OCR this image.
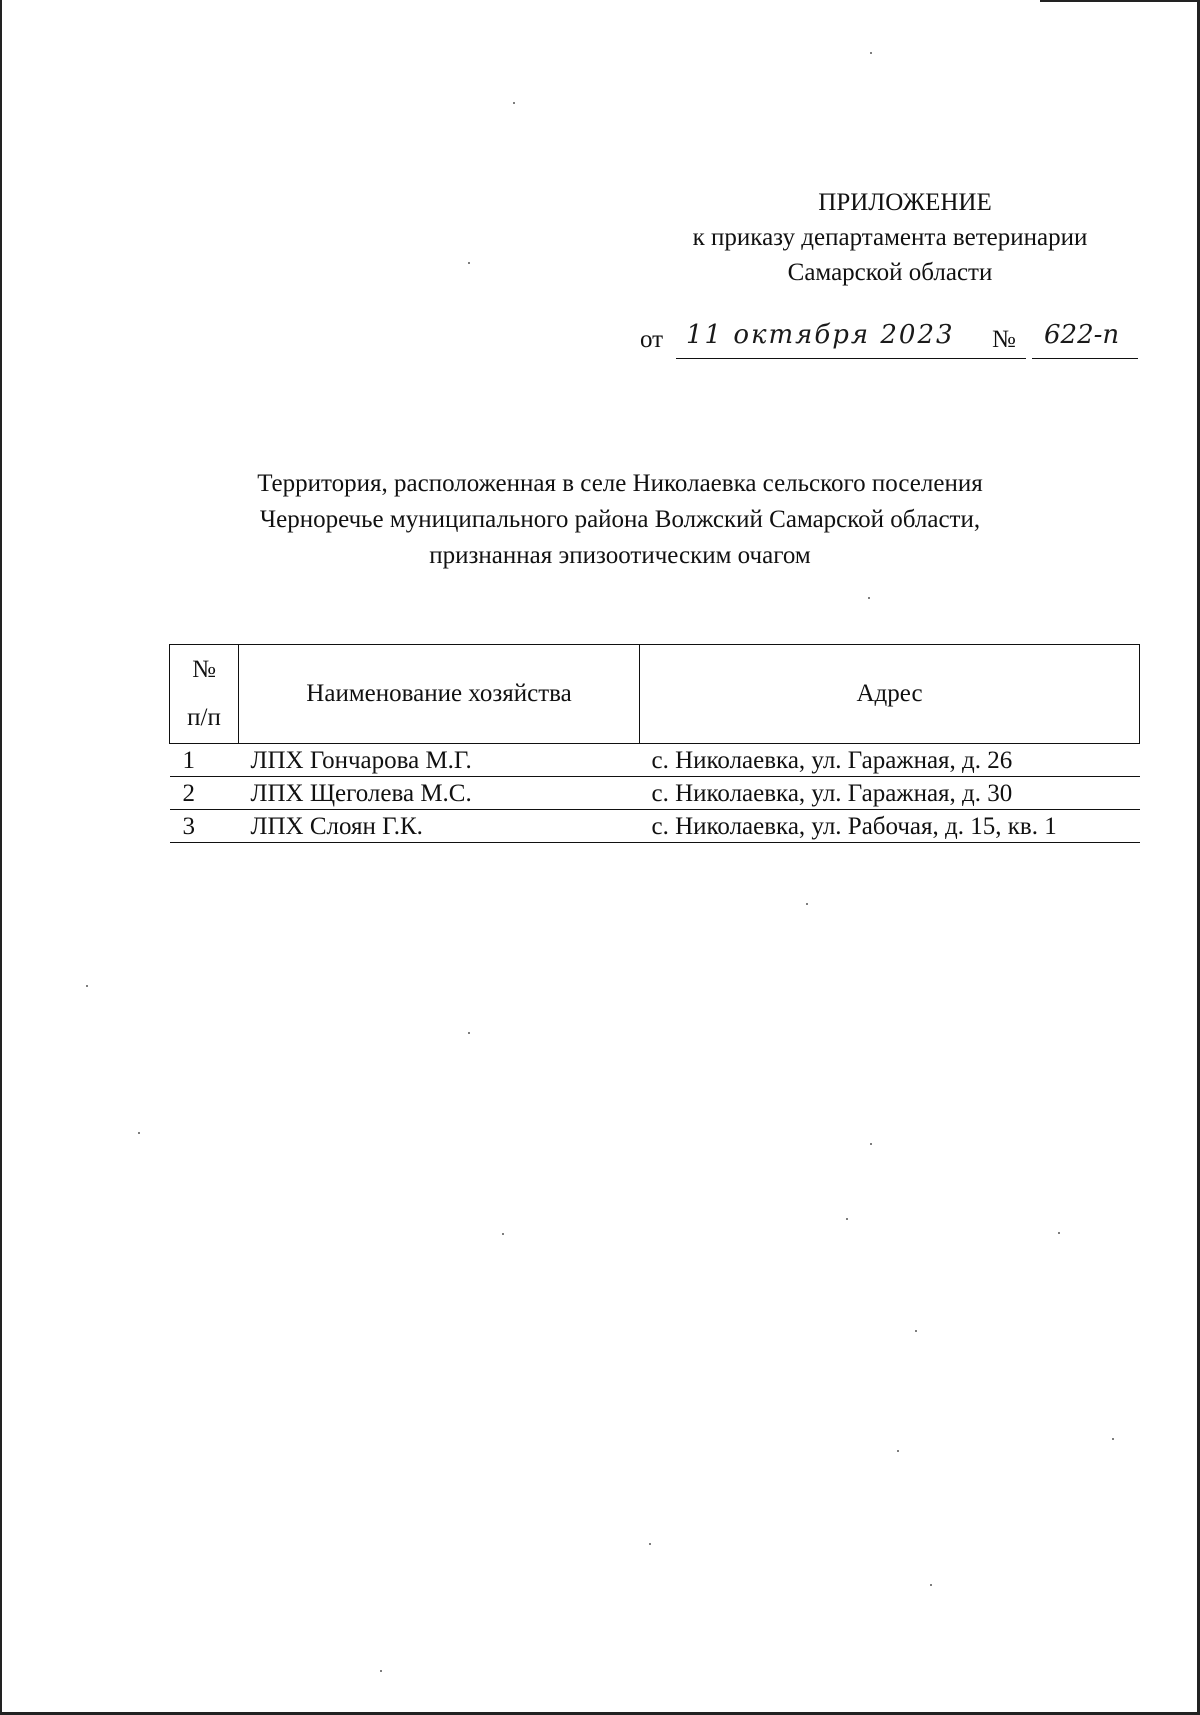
ПРИЛОЖЕНИЕ
к приказу департамента ветеринарии
Самарской области
от 11 октября 2023 № 622-п
Территория, расположенная в селе Николаевка сельского поселения
Черноречье муниципального района Волжский Самарской области,
признанная эпизоотическим очагом
№
п/п	Наименование хозяйства	Адрес
1	ЛПХ Гончарова М.Г.	с. Николаевка, ул. Гаражная, д. 26
2	ЛПХ Щеголева М.С.	с. Николаевка, ул. Гаражная, д. 30
3	ЛПХ Слоян Г.К.	с. Николаевка, ул. Рабочая, д. 15, кв. 1
